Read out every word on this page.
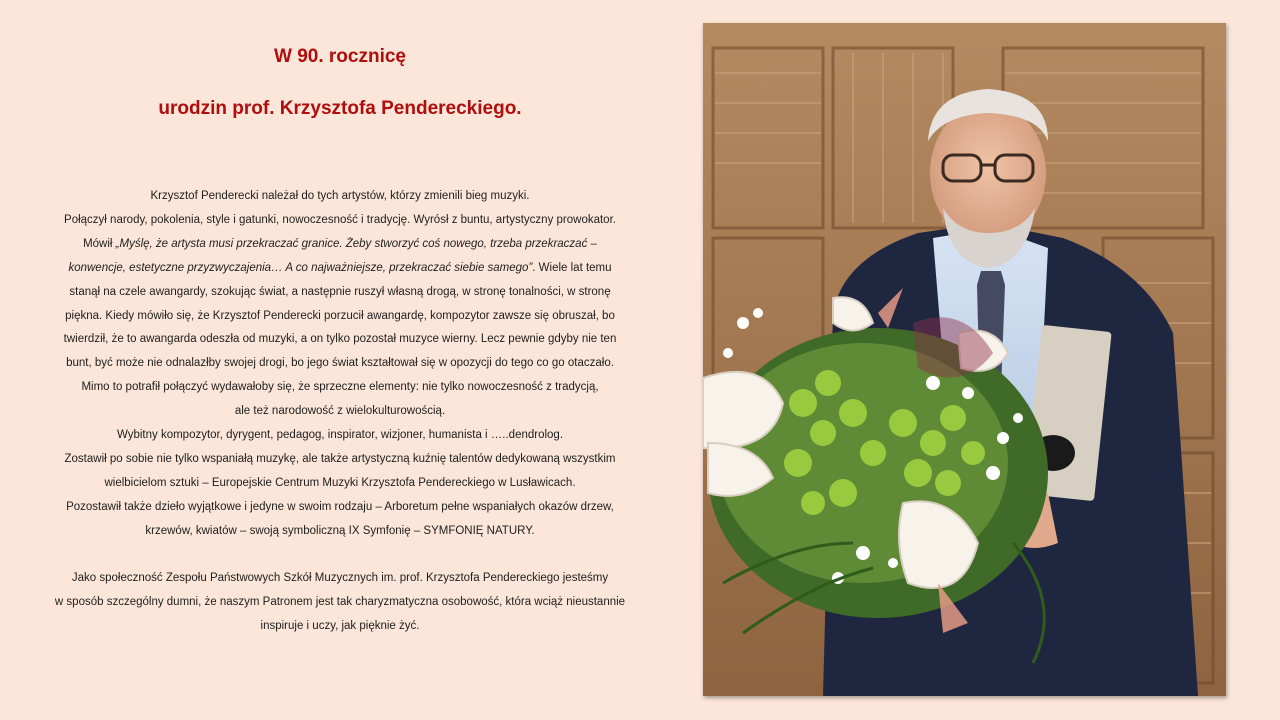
W 90. rocznicę
urodzin prof. Krzysztofa Pendereckiego.
Krzysztof Penderecki należał do tych artystów, którzy zmienili bieg muzyki.
Połączył narody, pokolenia, style i gatunki, nowoczesność i tradycję. Wyrósł z buntu, artystyczny prowokator.
Mówił „Myślę, że artysta musi przekraczać granice. Żeby stworzyć coś nowego, trzeba przekraczać –
konwencje, estetyczne przyzwyczajenia… A co najważniejsze, przekraczać siebie samego”. Wiele lat temu
stanął na czele awangardy, szokując świat, a następnie ruszył własną drogą, w stronę tonalności, w stronę
piękna. Kiedy mówiło się, że Krzysztof Penderecki porzucił awangardę, kompozytor zawsze się obruszał, bo
twierdził, że to awangarda odeszła od muzyki, a on tylko pozostał muzyce wierny. Lecz pewnie gdyby nie ten
bunt, być może nie odnalazłby swojej drogi, bo jego świat kształtował się w opozycji do tego co go otaczało.
Mimo to potrafił połączyć wydawałoby się, że sprzeczne elementy: nie tylko nowoczesność z tradycją,
ale też narodowość z wielokulturowością.
Wybitny kompozytor, dyrygent, pedagog, inspirator, wizjoner, humanista i …..dendrolog.
Zostawił po sobie nie tylko wspaniałą muzykę, ale także artystyczną kuźnię talentów dedykowaną wszystkim
wielbicielom sztuki – Europejskie Centrum Muzyki Krzysztofa Pendereckiego w Lusławicach.
Pozostawił także dzieło wyjątkowe i jedyne w swoim rodzaju – Arboretum pełne wspaniałych okazów drzew,
krzewów, kwiatów – swoją symboliczną IX Symfonię – SYMFONIĘ NATURY.
Jako społeczność Zespołu Państwowych Szkół Muzycznych im. prof. Krzysztofa Pendereckiego jesteśmy
w sposób szczególny dumni, że naszym Patronem jest tak charyzmatyczna osobowość, która wciąż nieustannie
inspiruje i uczy, jak pięknie żyć.
